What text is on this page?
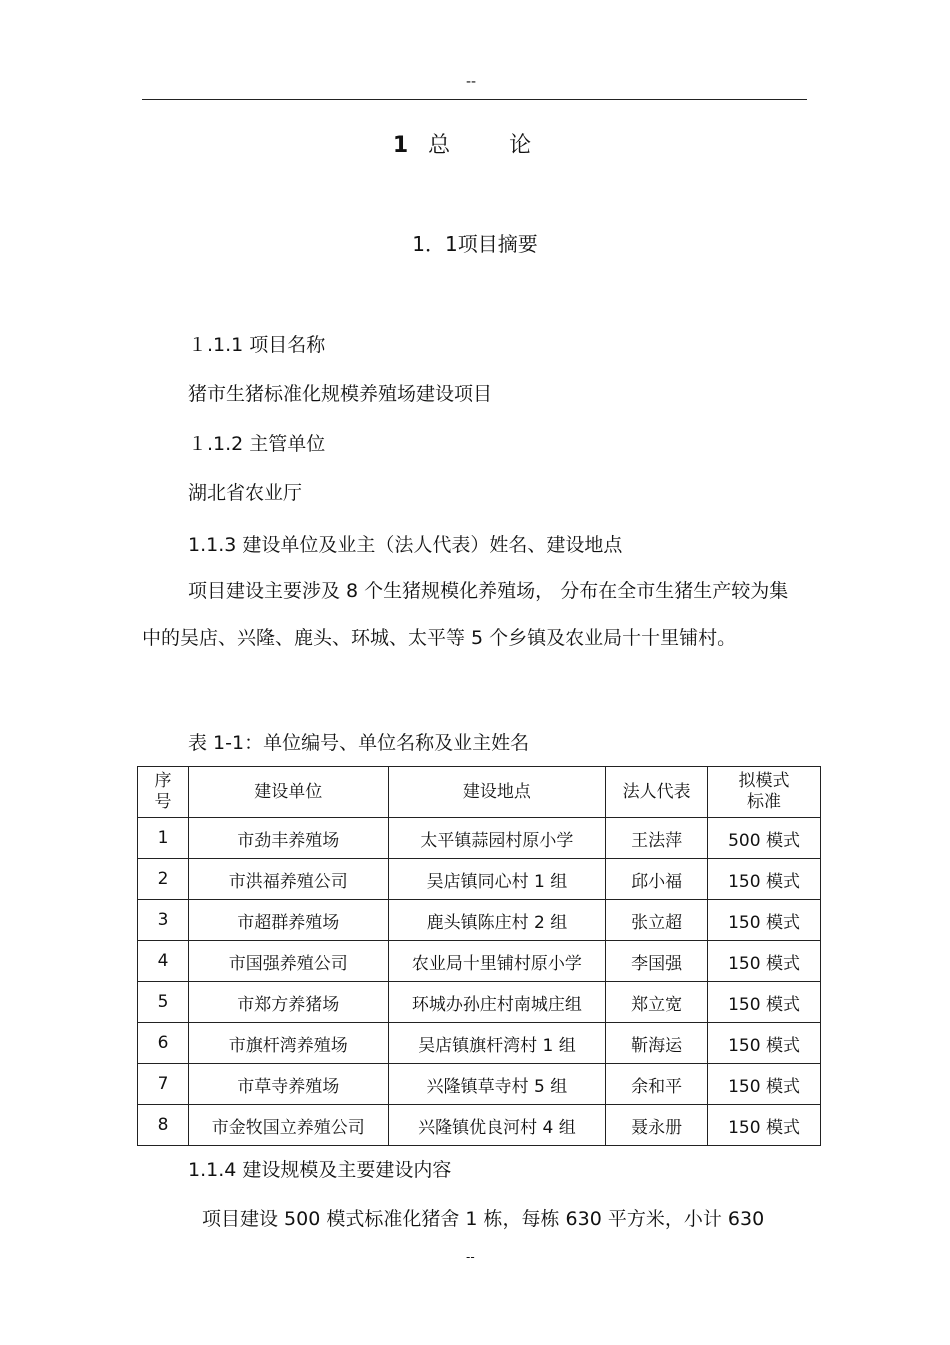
--
1 总 论
1．1项目摘要
１.1.1 项目名称
猪市生猪标准化规模养殖场建设项目
１.1.2 主管单位
湖北省农业厅
1.1.3 建设单位及业主（法人代表）姓名、建设地点
项目建设主要涉及 8 个生猪规模化养殖场， 分布在全市生猪生产较为集中的吴店、兴隆、鹿头、环城、太平等 5 个乡镇及农业局十十里铺村。
表 1-1：单位编号、单位名称及业主姓名
序号	建设单位	建设地点	法人代表	拟模式标准
1	市劲丰养殖场	太平镇蒜园村原小学	王法萍	500 模式
2	市洪福养殖公司	吴店镇同心村 1 组	邱小福	150 模式
3	市超群养殖场	鹿头镇陈庄村 2 组	张立超	150 模式
4	市国强养殖公司	农业局十里铺村原小学	李国强	150 模式
5	市郑方养猪场	环城办孙庄村南城庄组	郑立宽	150 模式
6	市旗杆湾养殖场	吴店镇旗杆湾村 1 组	靳海运	150 模式
7	市草寺养殖场	兴隆镇草寺村 5 组	余和平	150 模式
8	市金牧国立养殖公司	兴隆镇优良河村 4 组	聂永册	150 模式
1.1.4 建设规模及主要建设内容
项目建设 500 模式标准化猪舍 1 栋，每栋 630 平方米，小计 630
--
